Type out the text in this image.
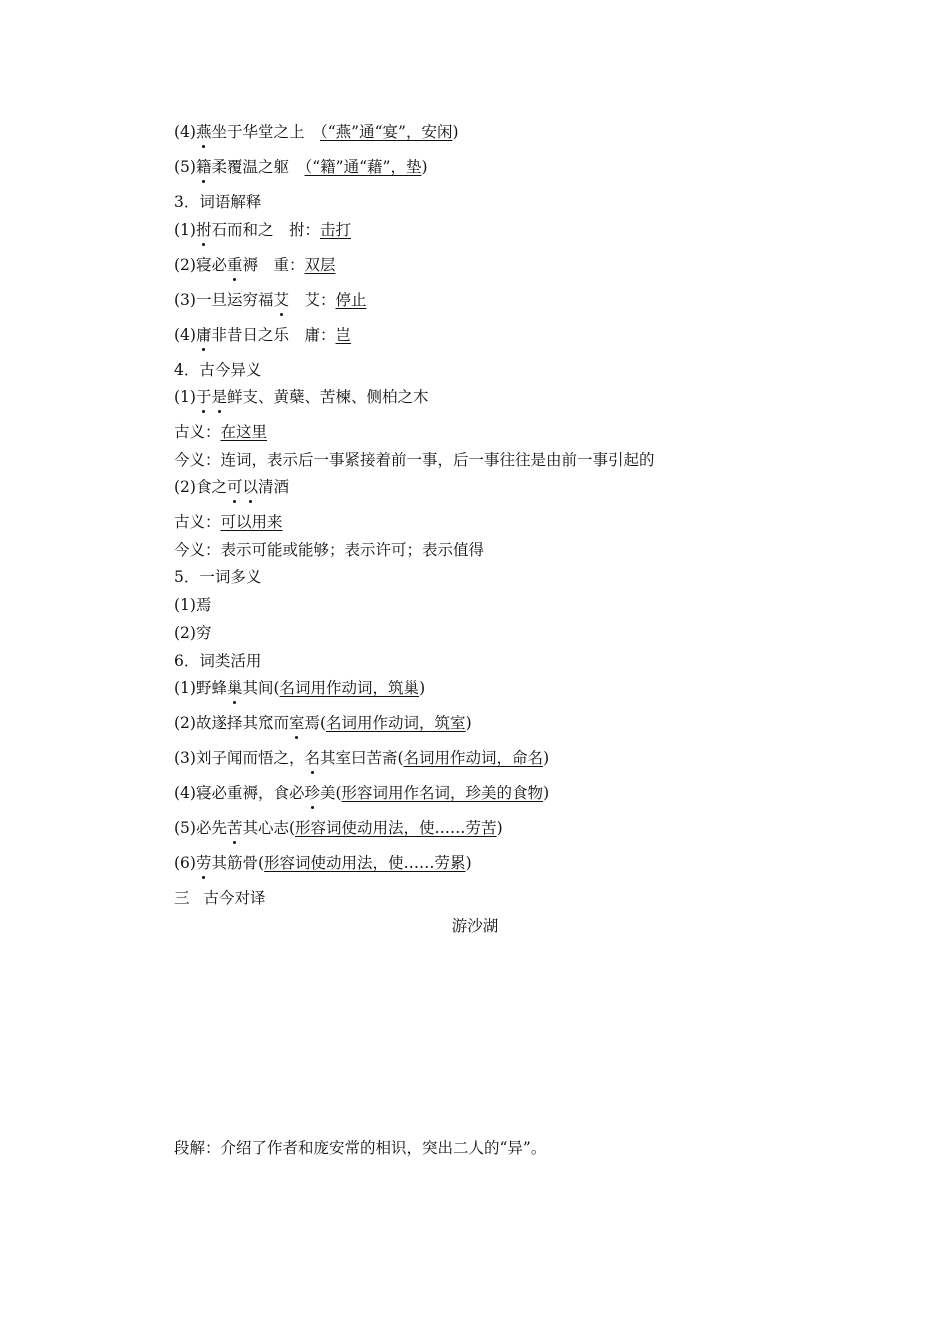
(4)燕坐于华堂之上　（“燕”通“宴”，安闲)
(5)籍柔覆温之躯　（“籍”通“藉”，垫)
3．词语解释
(1)拊石而和之　拊：击打
(2)寝必重褥　重：双层
(3)一旦运穷福艾　艾：停止
(4)庸非昔日之乐　庸：岂
4．古今异义
(1)于是鲜支、黄蘖、苦楝、侧柏之木
古义：在这里
今义：连词，表示后一事紧接着前一事，后一事往往是由前一事引起的
(2)食之可以清酒
古义：可以用来
今义：表示可能或能够；表示许可；表示值得
5．一词多义
(1)焉
(2)穷
6．词类活用
(1)野蜂巢其间(名词用作动词，筑巢)
(2)故遂择其窊而室焉(名词用作动词，筑室)
(3)刘子闻而悟之，名其室曰苦斋(名词用作动词，命名)
(4)寝必重褥，食必珍美(形容词用作名词，珍美的食物)
(5)必先苦其心志(形容词使动用法，使……劳苦)
(6)劳其筋骨(形容词使动用法，使……劳累)
三 古今对译
游沙湖
段解：介绍了作者和庞安常的相识，突出二人的“异”。
